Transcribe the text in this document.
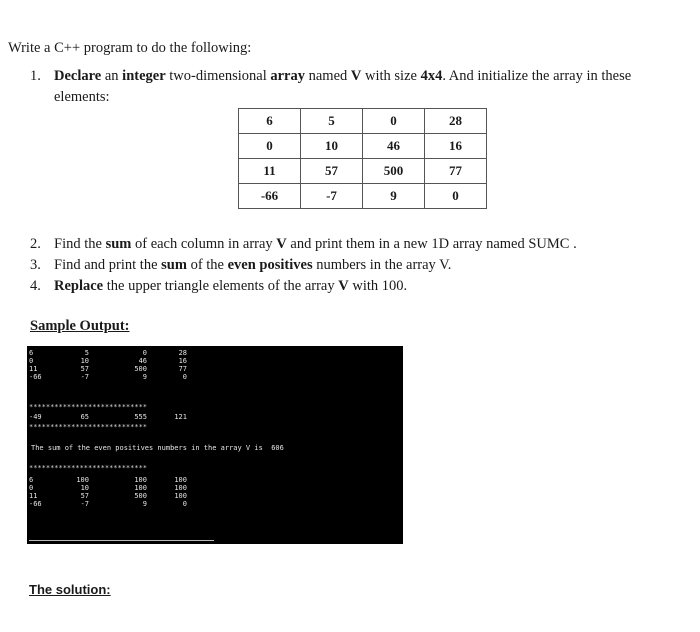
Write a C++ program to do the following:
1. Declare an integer two-dimensional array named V with size 4x4. And initialize the array in these
elements:
6	5	0	28
0	10	46	16
11	57	500	77
-66	-7	9	0
2. Find the sum of each column in array V and print them in a new 1D array named SUMC .
3. Find and print the sum of the even positives numbers in the array V.
4. Replace the upper triangle elements of the array V with 100.
Sample Output:
The sum of the even positives numbers in the array V is  606
6	5	0	28
0	10	46	16
11	57	500	77
-66	-7	9	0
****************************
-49	65	555	121
****************************
****************************
6	100	100	100
0	10	100	100
11	57	500	100
-66	-7	9	0
The solution:
